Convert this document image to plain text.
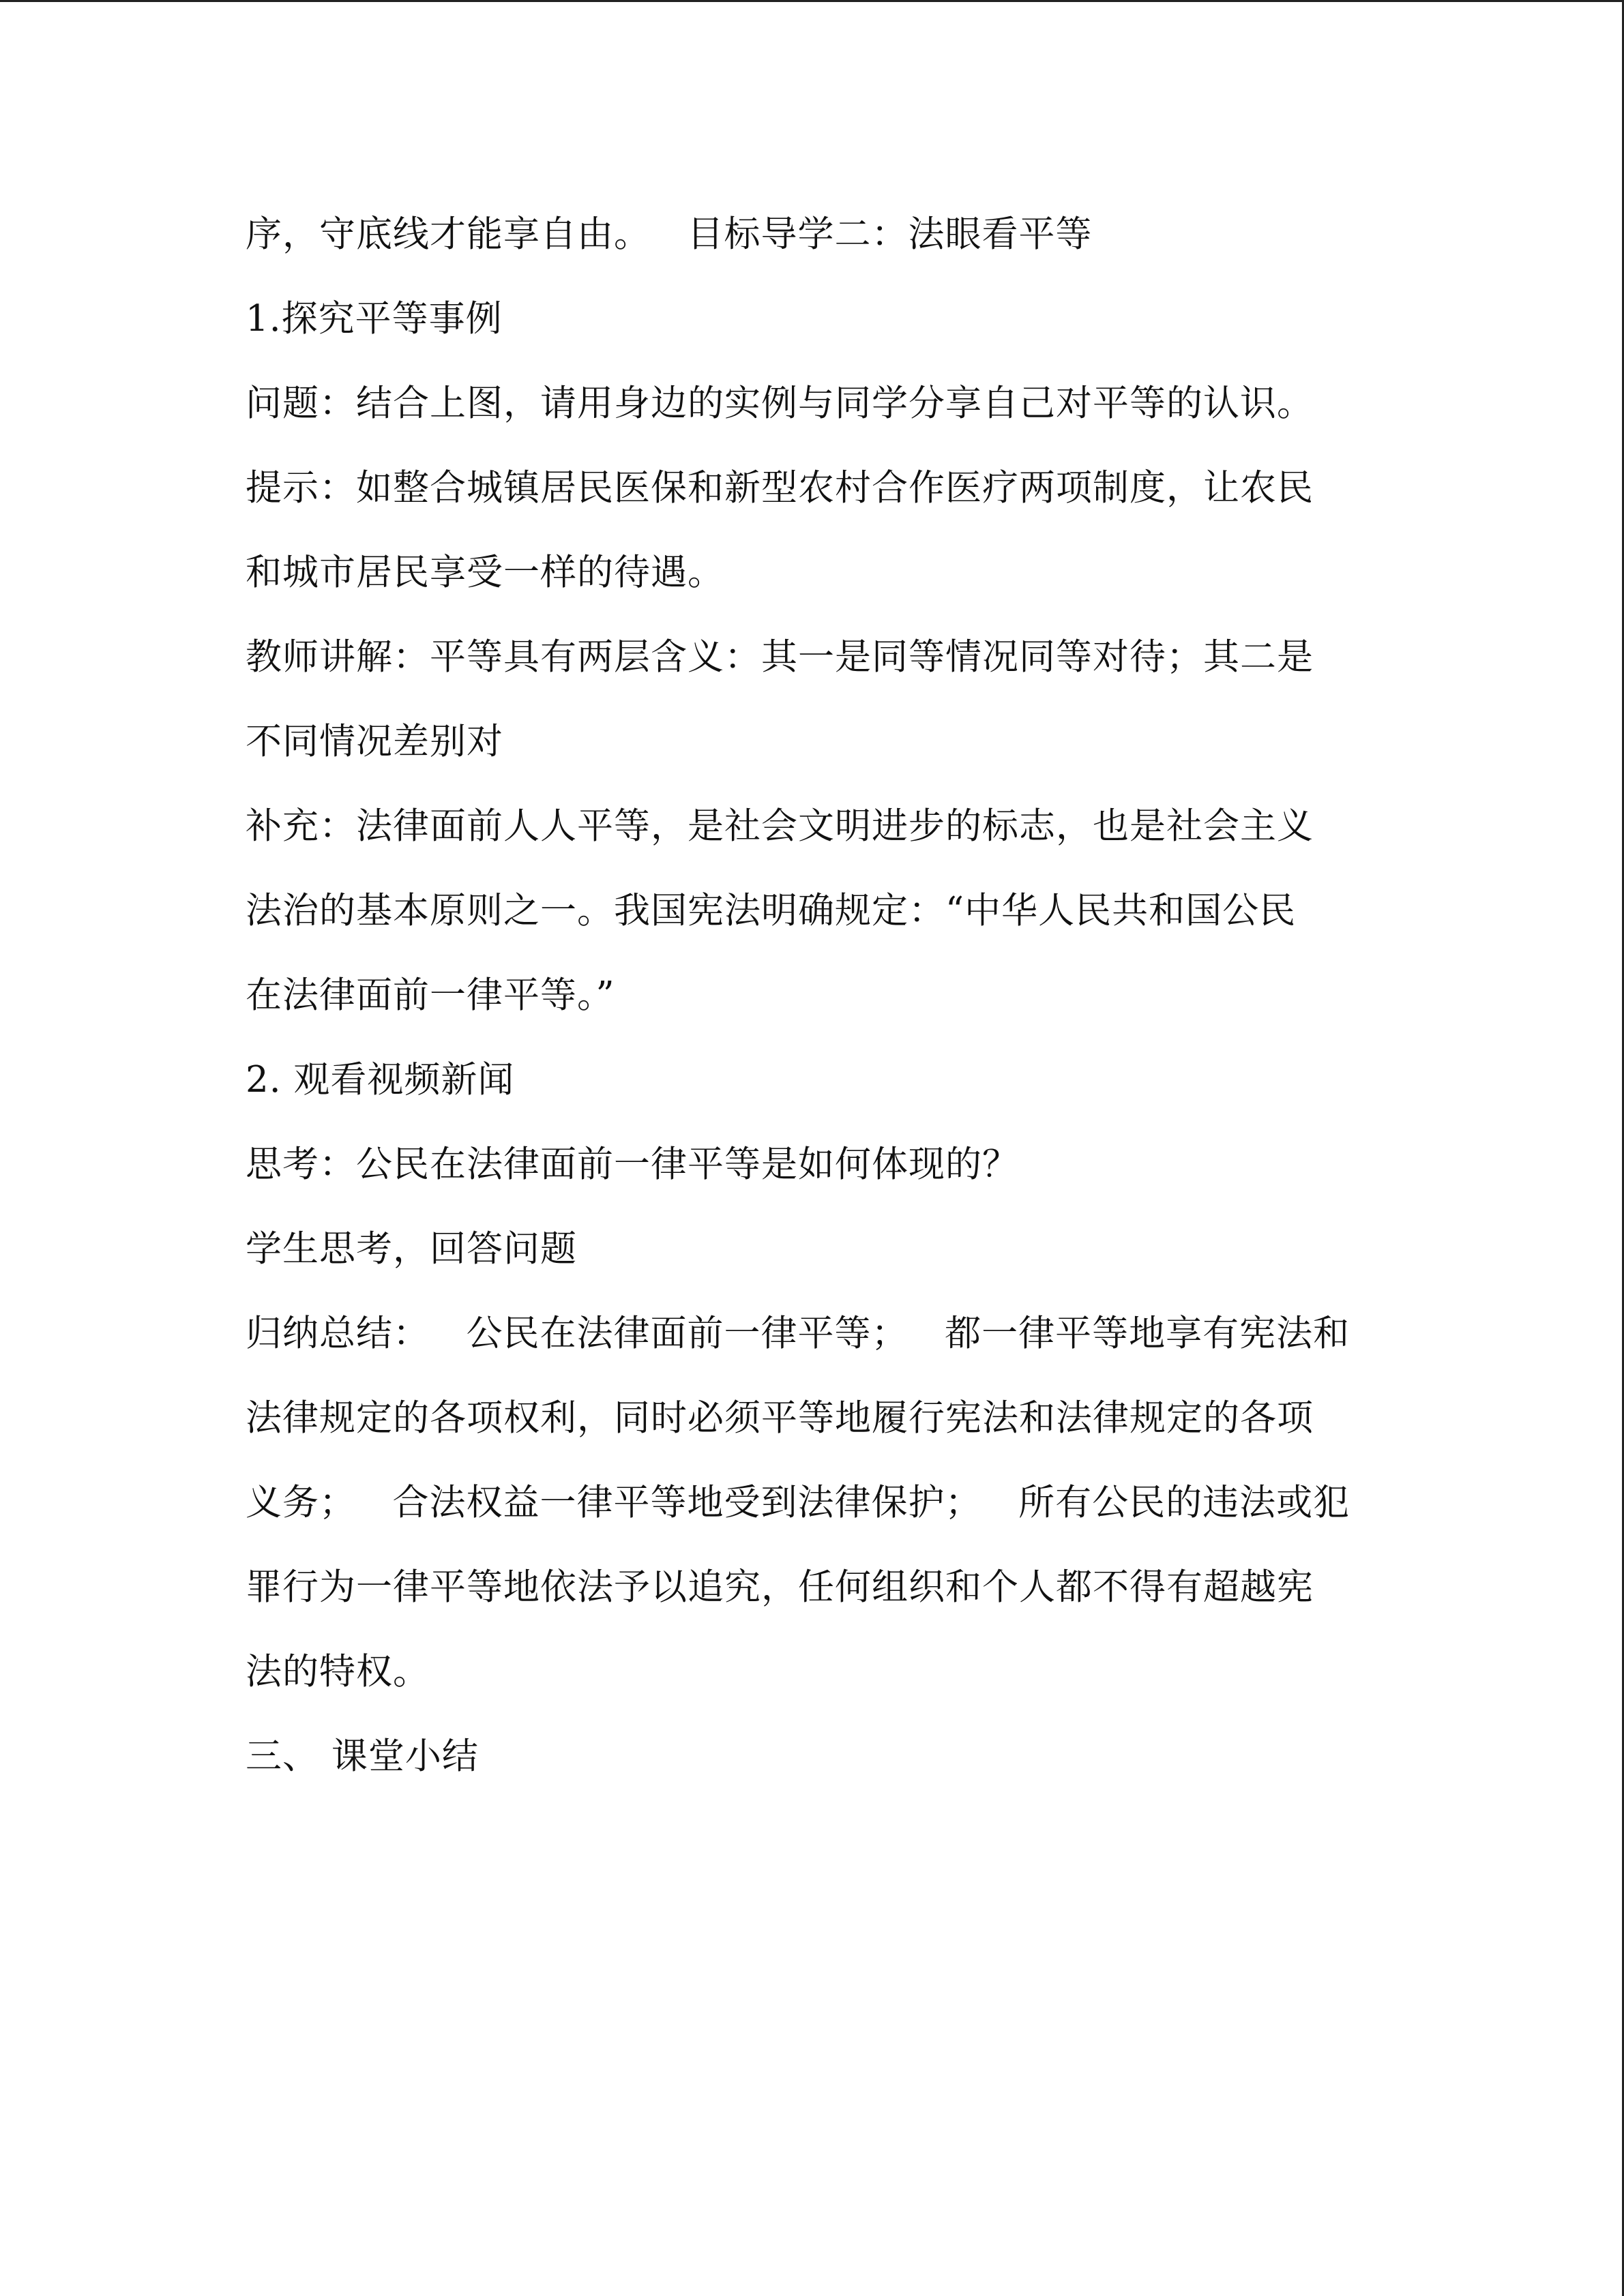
序，守底线才能享自由。   目标导学二：法眼看平等
1.探究平等事例
问题：结合上图，请用身边的实例与同学分享自己对平等的认识。
提示：如整合城镇居民医保和新型农村合作医疗两项制度，让农民
和城市居民享受一样的待遇。
教师讲解：平等具有两层含义：其一是同等情况同等对待；其二是
不同情况差别对
补充：法律面前人人平等，是社会文明进步的标志，也是社会主义
法治的基本原则之一。我国宪法明确规定：“中华人民共和国公民
在法律面前一律平等。”
2. 观看视频新闻
思考：公民在法律面前一律平等是如何体现的？
学生思考，回答问题
归纳总结：   公民在法律面前一律平等；   都一律平等地享有宪法和
法律规定的各项权利，同时必须平等地履行宪法和法律规定的各项
义务；   合法权益一律平等地受到法律保护；   所有公民的违法或犯
罪行为一律平等地依法予以追究，任何组织和个人都不得有超越宪
法的特权。
三、 课堂小结
